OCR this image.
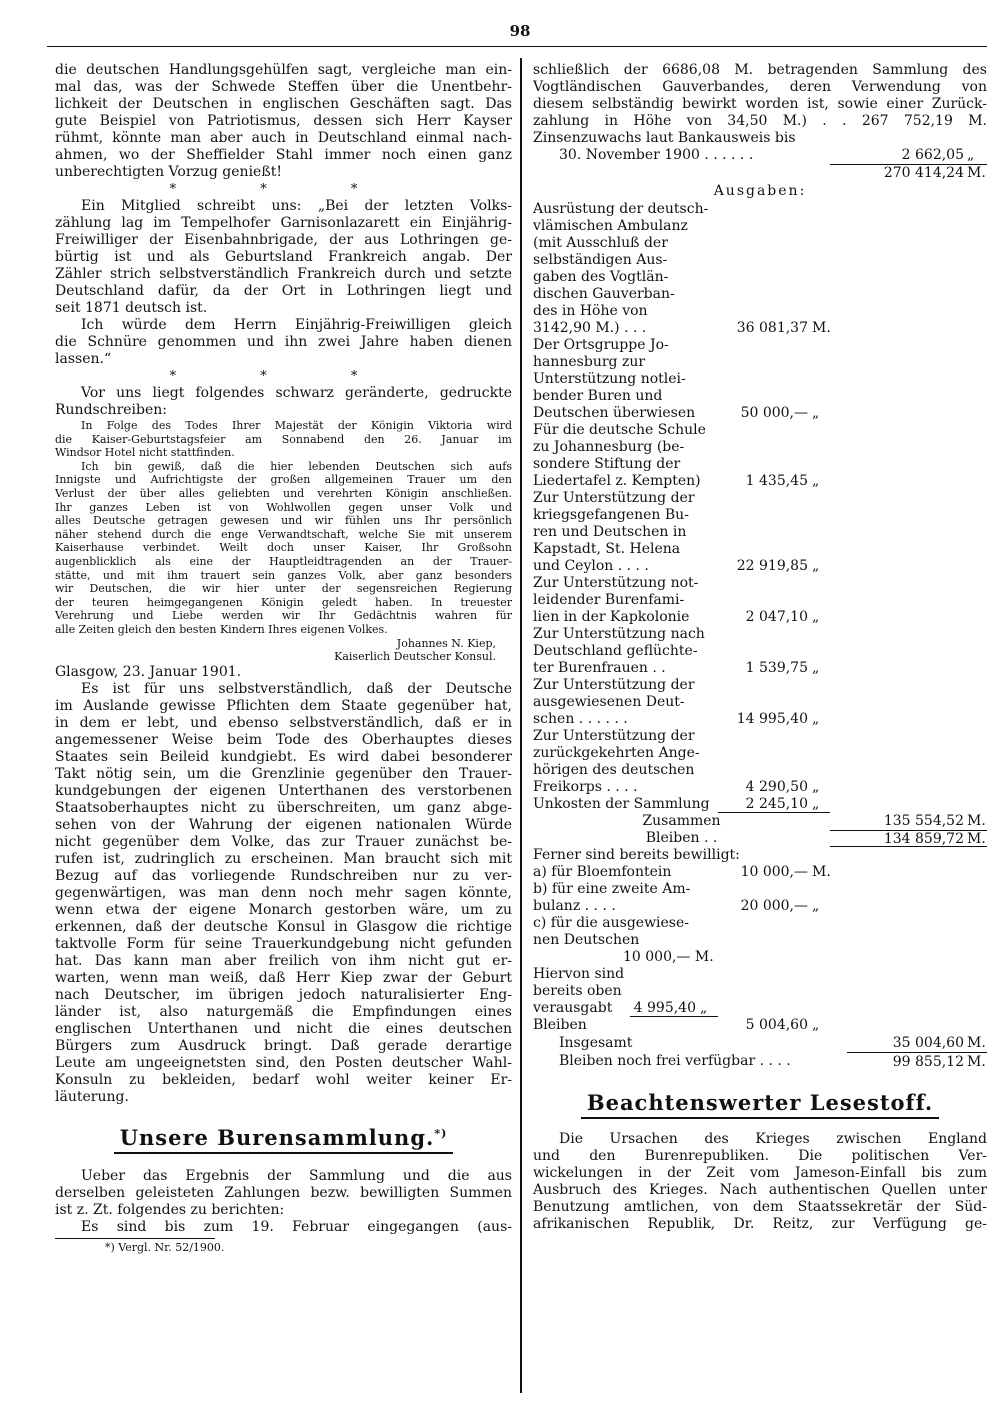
98
die deutschen Handlungsgehülfen sagt, vergleiche man ein-
mal das, was der Schwede Steffen über die Unentbehr-
lichkeit der Deutschen in englischen Geschäften sagt. Das
gute Beispiel von Patriotismus, dessen sich Herr Kayser
rühmt, könnte man aber auch in Deutschland einmal nach-
ahmen, wo der Sheffielder Stahl immer noch einen ganz
unberechtigten Vorzug genießt!
* * *
Ein Mitglied schreibt uns: „Bei der letzten Volks-
zählung lag im Tempelhofer Garnisonlazarett ein Einjährig-
Freiwilliger der Eisenbahnbrigade, der aus Lothringen ge-
bürtig ist und als Geburtsland Frankreich angab. Der
Zähler strich selbstverständlich Frankreich durch und setzte
Deutschland dafür, da der Ort in Lothringen liegt und
seit 1871 deutsch ist.
Ich würde dem Herrn Einjährig-Freiwilligen gleich
die Schnüre genommen und ihn zwei Jahre haben dienen
lassen.“
* * *
Vor uns liegt folgendes schwarz geränderte, gedruckte
Rundschreiben:
In Folge des Todes Ihrer Majestät der Königin Viktoria wird
die Kaiser-Geburtstagsfeier am Sonnabend den 26. Januar im
Windsor Hotel nicht stattfinden.
Ich bin gewiß, daß die hier lebenden Deutschen sich aufs
Innigste und Aufrichtigste der großen allgemeinen Trauer um den
Verlust der über alles geliebten und verehrten Königin anschließen.
Ihr ganzes Leben ist von Wohlwollen gegen unser Volk und
alles Deutsche getragen gewesen und wir fühlen uns Ihr persönlich
näher stehend durch die enge Verwandtschaft, welche Sie mit unserem
Kaiserhause verbindet. Weilt doch unser Kaiser, Ihr Großsohn
augenblicklich als eine der Hauptleidtragenden an der Trauer-
stätte, und mit ihm trauert sein ganzes Volk, aber ganz besonders
wir Deutschen, die wir hier unter der segensreichen Regierung
der teuren heimgegangenen Königin geledt haben. In treuester
Verehrung und Liebe werden wir Ihr Gedächtnis wahren für
alle Zeiten gleich den besten Kindern Ihres eigenen Volkes.
Johannes N. Kiep,
Kaiserlich Deutscher Konsul.
Glasgow, 23. Januar 1901.
Es ist für uns selbstverständlich, daß der Deutsche
im Auslande gewisse Pflichten dem Staate gegenüber hat,
in dem er lebt, und ebenso selbstverständlich, daß er in
angemessener Weise beim Tode des Oberhauptes dieses
Staates sein Beileid kundgiebt. Es wird dabei besonderer
Takt nötig sein, um die Grenzlinie gegenüber den Trauer-
kundgebungen der eigenen Unterthanen des verstorbenen
Staatsoberhauptes nicht zu überschreiten, um ganz abge-
sehen von der Wahrung der eigenen nationalen Würde
nicht gegenüber dem Volke, das zur Trauer zunächst be-
rufen ist, zudringlich zu erscheinen. Man braucht sich mit
Bezug auf das vorliegende Rundschreiben nur zu ver-
gegenwärtigen, was man denn noch mehr sagen könnte,
wenn etwa der eigene Monarch gestorben wäre, um zu
erkennen, daß der deutsche Konsul in Glasgow die richtige
taktvolle Form für seine Trauerkundgebung nicht gefunden
hat. Das kann man aber freilich von ihm nicht gut er-
warten, wenn man weiß, daß Herr Kiep zwar der Geburt
nach Deutscher, im übrigen jedoch naturalisierter Eng-
länder ist, also naturgemäß die Empfindungen eines
englischen Unterthanen und nicht die eines deutschen
Bürgers zum Ausdruck bringt. Daß gerade derartige
Leute am ungeeignetsten sind, den Posten deutscher Wahl-
Konsuln zu bekleiden, bedarf wohl weiter keiner Er-
läuterung.
Unsere Burensammlung.*)
Ueber das Ergebnis der Sammlung und die aus
derselben geleisteten Zahlungen bezw. bewilligten Summen
ist z. Zt. folgendes zu berichten:
Es sind bis zum 19. Februar eingegangen (aus-
*) Vergl. Nr. 52/1900.
schließlich der 6686,08 M. betragenden Sammlung des
Vogtländischen Gauverbandes, deren Verwendung von
diesem selbständig bewirkt worden ist, sowie einer Zurück-
zahlung in Höhe von 34,50 M.) . . 267 752,19 M.
Zinsenzuwachs laut Bankausweis bis
30. November 1900 . . . . . .	2 662,05 „
270 414,24 M.
Ausgaben:
Ausrüstung der deutsch-
vlämischen Ambulanz
(mit Ausschluß der
selbständigen Aus-
gaben des Vogtlän-
dischen Gauverban-
des in Höhe von
3142,90 M.) . . .	36 081,37 M.
Der Ortsgruppe Jo-
hannesburg zur
Unterstützung notlei-
bender Buren und
Deutschen überwiesen	50 000,— „
Für die deutsche Schule
zu Johannesburg (be-
sondere Stiftung der
Liedertafel z. Kempten)	1 435,45 „
Zur Unterstützung der
kriegsgefangenen Bu-
ren und Deutschen in
Kapstadt, St. Helena
und Ceylon . . . .	22 919,85 „
Zur Unterstützung not-
leidender Burenfami-
lien in der Kapkolonie	2 047,10 „
Zur Unterstützung nach
Deutschland geflüchte-
ter Burenfrauen . .	1 539,75 „
Zur Unterstützung der
ausgewiesenen Deut-
schen . . . . . .	14 995,40 „
Zur Unterstützung der
zurückgekehrten Ange-
hörigen des deutschen
Freikorps . . . .	4 290,50 „
Unkosten der Sammlung	2 245,10 „
Zusammen	135 554,52 M.
Bleiben . .	134 859,72 M.
Ferner sind bereits bewilligt:
a) für Bloemfontein	10 000,— M.
b) für eine zweite Am-
bulanz . . . .	20 000,— „
c) für die ausgewiese-
nen Deutschen
10 000,— M.
Hiervon sind
bereits oben
verausgabt	4 995,40 „
Bleiben	5 004,60 „
Insgesamt	35 004,60 M.
Bleiben noch frei verfügbar . . . .	99 855,12 M.
Beachtenswerter Lesestoff.
Die Ursachen des Krieges zwischen England
und den Burenrepubliken. Die politischen Ver-
wickelungen in der Zeit vom Jameson-Einfall bis zum
Ausbruch des Krieges. Nach authentischen Quellen unter
Benutzung amtlichen, von dem Staatssekretär der Süd-
afrikanischen Republik, Dr. Reitz, zur Verfügung ge-
